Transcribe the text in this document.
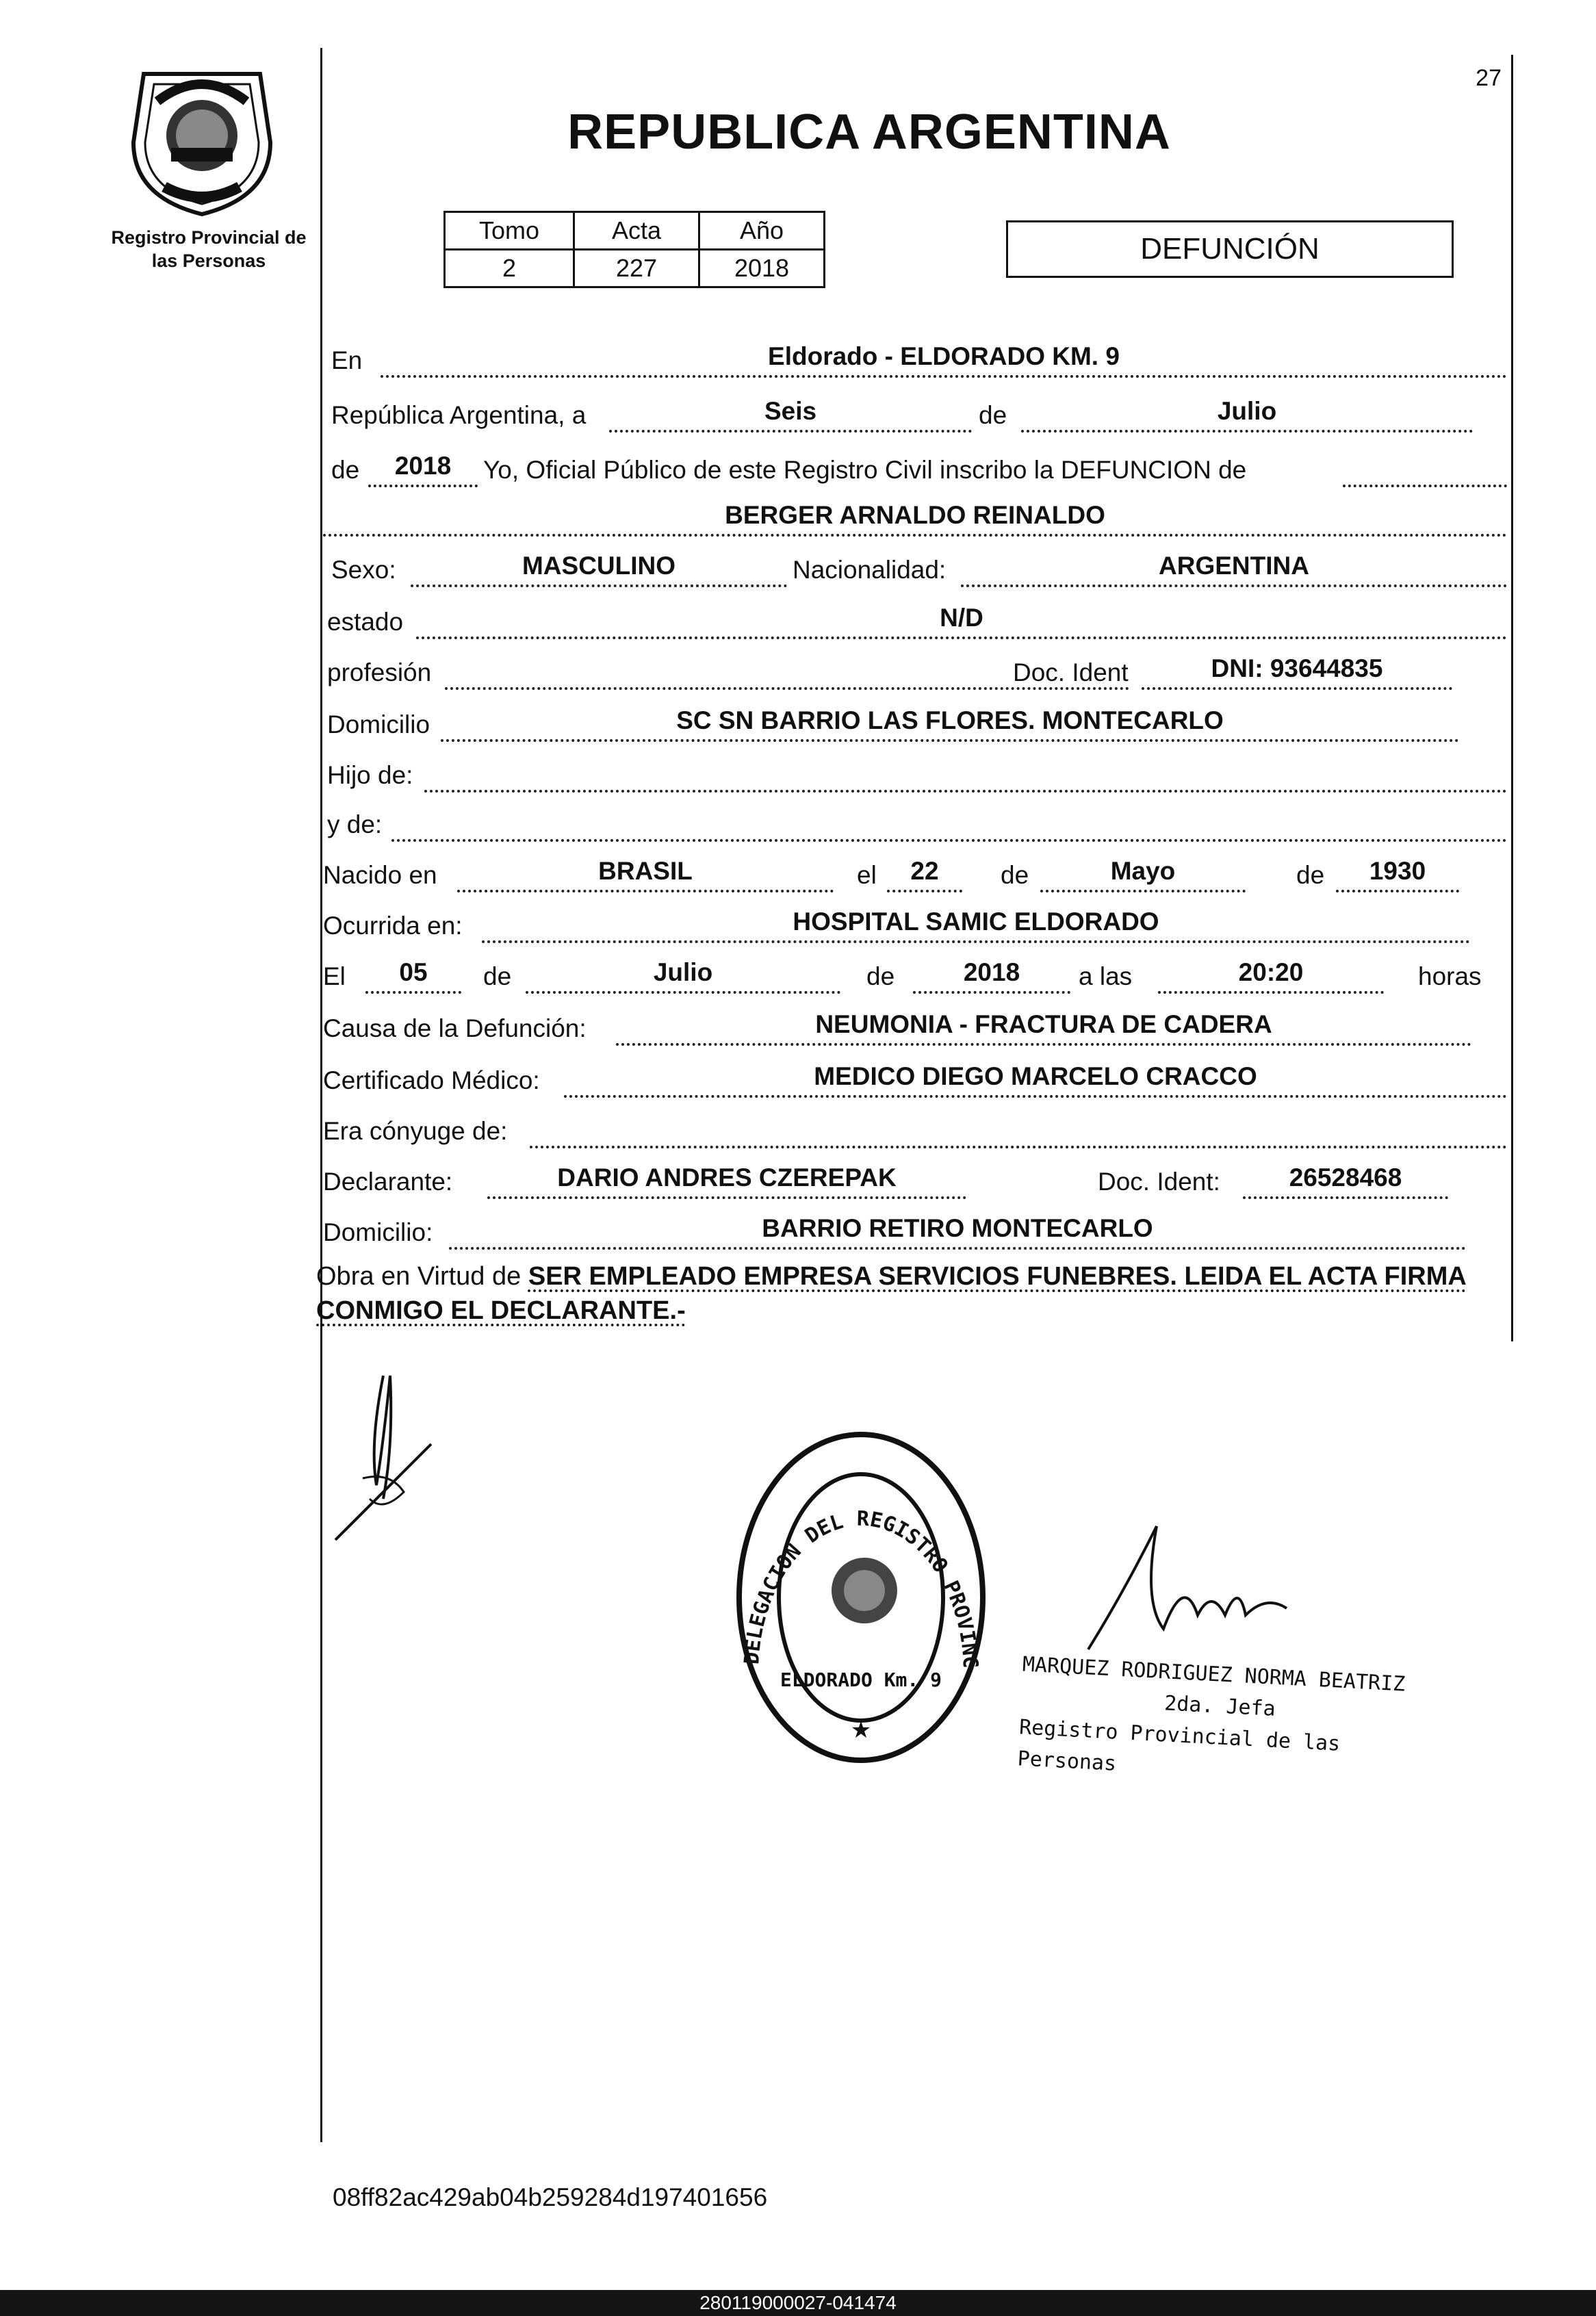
Registro Provincial de
las Personas
27
REPUBLICA ARGENTINA
Tomo	Acta	Año
2	227	2018
DEFUNCIÓN
En	Eldorado - ELDORADO KM. 9
República Argentina, a	Seis	de	Julio
de	2018	Yo, Oficial Público de este Registro Civil inscribo la DEFUNCION de
BERGER ARNALDO REINALDO
Sexo:	MASCULINO	Nacionalidad:	ARGENTINA
estado	N/D
profesión	Doc. Ident	DNI: 93644835
Domicilio	SC SN BARRIO LAS FLORES. MONTECARLO
Hijo de:
y de:
Nacido en	BRASIL	el	22	de	Mayo	de	1930
Ocurrida en:	HOSPITAL SAMIC ELDORADO
El	05	de	Julio	de	2018	a las	20:20	horas
Causa de la Defunción:	NEUMONIA - FRACTURA DE CADERA
Certificado Médico:	MEDICO DIEGO MARCELO CRACCO
Era cónyuge de:
Declarante:	DARIO ANDRES CZEREPAK	Doc. Ident:	26528468
Domicilio:	BARRIO RETIRO MONTECARLO
Obra en Virtud de SER EMPLEADO EMPRESA SERVICIOS FUNEBRES. LEIDA EL ACTA FIRMA CONMIGO EL DECLARANTE.-
DELEGACION DEL REGISTRO PROVINC
ELDORADO Km. 9
★
MARQUEZ RODRIGUEZ NORMA BEATRIZ
2da. Jefa
Registro Provincial de las Personas
08ff82ac429ab04b259284d197401656
280119000027-041474
